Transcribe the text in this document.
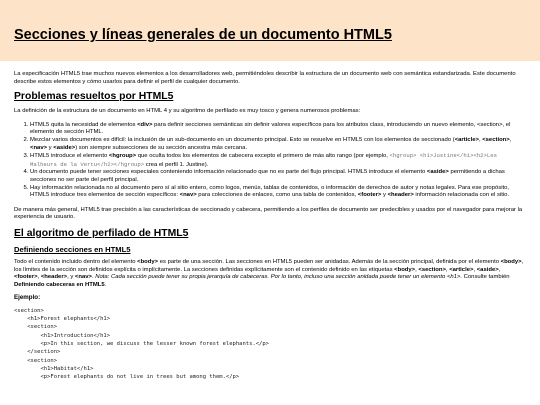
Secciones y líneas generales de un documento HTML5

La especificación HTML5 trae muchos nuevos elementos a los desarrolladores web, permitiéndoles describir la estructura de un documento web con semántica estandarizada. Este documento describe estos elementos y cómo usarlos para definir el perfil de cualquier documento.

Problemas resueltos por HTML5

La definición de la estructura de un documento en HTML 4 y su algoritmo de perfilado es muy tosco y genera numerosos problemas:

1. HTML5 quita la necesidad de elementos <div> para definir secciones semánticas sin definir valores específicos para los atributos class, introduciendo un nuevo elemento, <section>, el elemento de sección HTML.
2. Mezclar varios documentos es difícil: la inclusión de un sub-documento en un documento principal. Esto se resuelve en HTML5 con los elementos de seccionado (<article>, <section>, <nav> y <aside>) son siempre subsecciones de su sección ancestra más cercana.
3. HTML5 introduce el elemento <hgroup> que oculta todos los elementos de cabecera excepto el primero de más alto rango (por ejemplo, <hgroup> <h1>Justine</h1><h2>Les Malheurs de la Vertu</h2></hgroup> crea el perfil 1. Justine).
4. Un documento puede tener secciones especiales conteniendo información relacionado que no es parte del flujo principal. HTML5 introduce el elemento <aside> permitiendo a dichas secciones no ser parte del perfil principal.
5. Hay información relacionada no al documento pero sí al sitio entero, como logos, menús, tablas de contenidos, o información de derechos de autor y notas legales. Para ese propósito, HTML5 introduce tres elementos de sección específicos: <nav> para colecciones de enlaces, como una tabla de contenidos, <footer> y <header> información relacionada con el sitio.

De manera más general, HTML5 trae precisión a las características de seccionado y cabecera, permitiendo a los perfiles de documento ser predecibles y usados por el navegador para mejorar la experiencia de usuario.

El algoritmo de perfilado de HTML5
Definiendo secciones en HTML5

Todo el contenido incluido dentro del elemento <body> es parte de una sección. Las secciones en HTML5 pueden ser anidadas. Además de la sección principal, definida por el elemento <body>, los límites de la sección son definidos explícita o implícitamente. La secciones definidas explícitamente son el contenido definido en las etiquetas <body>, <section>, <article>, <aside>, <footer>, <header>, y <nav>. Nota: Cada sección puede tener su propia jerarquía de cabeceras. Por lo tanto, incluso una sección anidada puede tener un elemento <h1>. Consulte también Definiendo cabeceras en HTML5.

Ejemplo:

<section>
<h1>Forest elephants</h1>
<section>
<h1>Introduction</h1>
<p>In this section, we discuss the lesser known forest elephants.</p>
</section>
<section>
<h1>Habitat</h1>
<p>Forest elephants do not live in trees but among them.</p>
